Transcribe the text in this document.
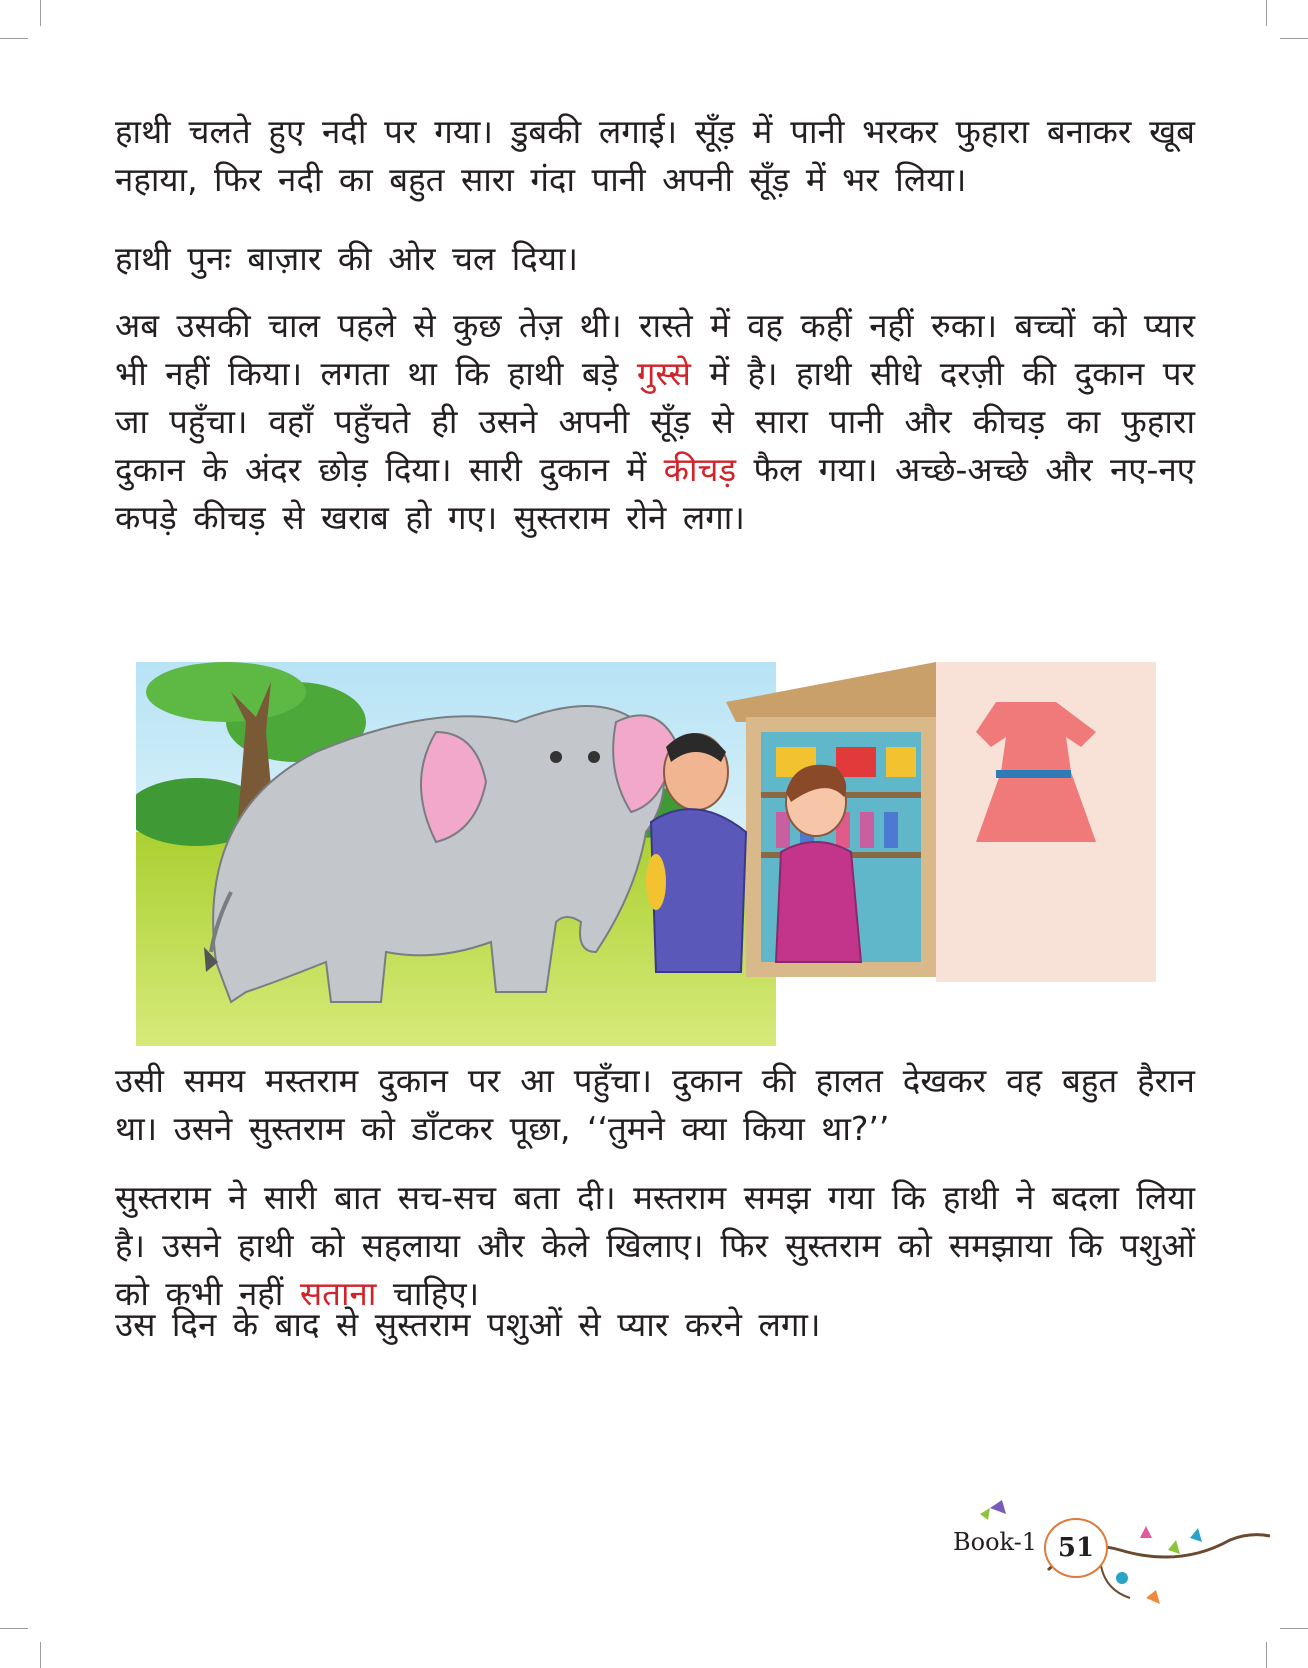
हाथी चलते हुए नदी पर गया। डुबकी लगाई। सूँड़ में पानी भरकर फुहारा बनाकर खूब नहाया, फिर नदी का बहुत सारा गंदा पानी अपनी सूँड़ में भर लिया।

हाथी पुनः बाज़ार की ओर चल दिया।

अब उसकी चाल पहले से कुछ तेज़ थी। रास्ते में वह कहीं नहीं रुका। बच्चों को प्यार भी नहीं किया। लगता था कि हाथी बड़े गुस्से में है। हाथी सीधे दरज़ी की दुकान पर जा पहुँचा। वहाँ पहुँचते ही उसने अपनी सूँड़ से सारा पानी और कीचड़ का फुहारा दुकान के अंदर छोड़ दिया। सारी दुकान में कीचड़ फैल गया। अच्छे-अच्छे और नए-नए कपड़े कीचड़ से खराब हो गए। सुस्तराम रोने लगा।

उसी समय मस्तराम दुकान पर आ पहुँचा। दुकान की हालत देखकर वह बहुत हैरान था। उसने सुस्तराम को डाँटकर पूछा, ‘‘तुमने क्या किया था?’’

सुस्तराम ने सारी बात सच-सच बता दी। मस्तराम समझ गया कि हाथी ने बदला लिया है। उसने हाथी को सहलाया और केले खिलाए। फिर सुस्तराम को समझाया कि पशुओं को कभी नहीं सताना चाहिए।

उस दिन के बाद से सुस्तराम पशुओं से प्यार करने लगा।

Book-1 51
